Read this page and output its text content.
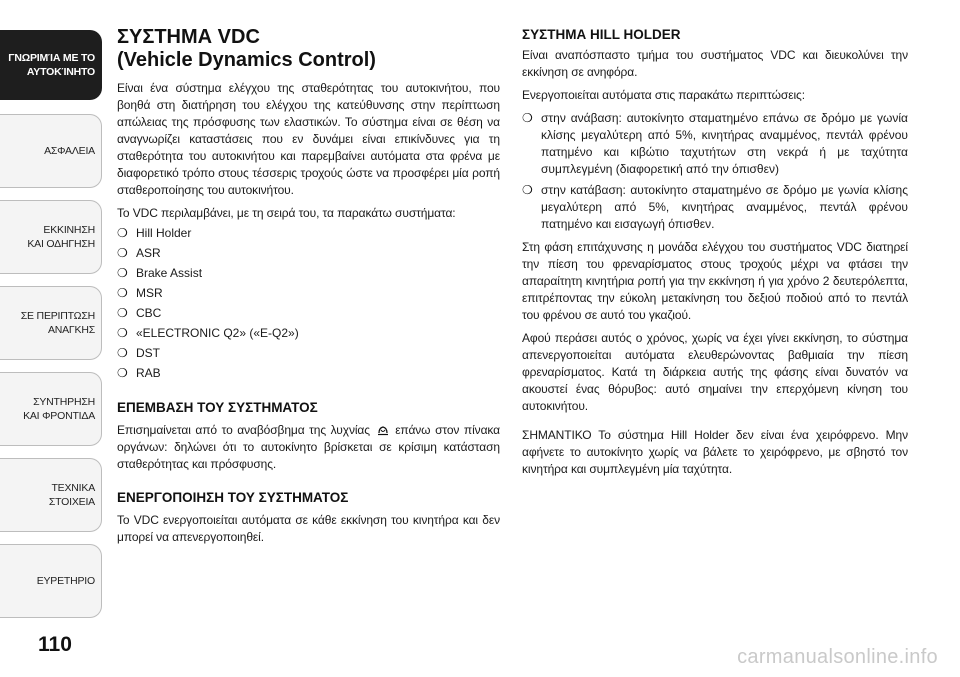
ΓΝΩΡΙΜΊΑ ΜΕ ΤΟ
ΑΥΤΟΚΊΝΗΤΟ
ΑΣΦΑΛΕΙΑ
ΕΚΚΙΝΗΣΗ
ΚΑΙ ΟΔΗΓΗΣΗ
ΣΕ ΠΕΡΙΠΤΩΣΗ
ΑΝΑΓΚΗΣ
ΣΥΝΤΗΡΗΣΗ
ΚΑΙ ΦΡΟΝΤΙΔΑ
ΤΕΧΝΙΚΑ
ΣΤΟΙΧΕΙΑ
ΕΥΡΕΤΗΡΙΟ
110
ΣΥΣΤΗΜΑ VDC
(Vehicle Dynamics Control)

Είναι ένα σύστημα ελέγχου της σταθερότητας του αυτοκινήτου, που βοηθά στη διατήρηση του ελέγχου της κατεύθυνσης στην περίπτωση απώλειας της πρόσφυσης των ελαστικών. Το σύστημα είναι σε θέση να αναγνωρίζει καταστάσεις που εν δυνάμει είναι επικίνδυνες για τη σταθερότητα του αυτοκινήτου και παρεμβαίνει αυτόματα στα φρένα με διαφορετικό τρόπο στους τέσσερις τροχούς ώστε να προσφέρει μία ροπή σταθεροποίησης του αυτοκινήτου.

Το VDC περιλαμβάνει, με τη σειρά του, τα παρακάτω συστήματα:

❍ Hill Holder
❍ ASR
❍ Brake Assist
❍ MSR
❍ CBC
❍ «ELECTRONIC Q2» («E-Q2»)
❍ DST
❍ RAB
ΕΠΕΜΒΑΣΗ ΤΟΥ ΣΥΣΤΗΜΑΤΟΣ

Επισημαίνεται από το αναβόσβημα της λυχνίας επάνω στον πίνακα οργάνων: δηλώνει ότι το αυτοκίνητο βρίσκεται σε κρίσιμη κατάσταση σταθερότητας και πρόσφυσης.

ΕΝΕΡΓΟΠΟΙΗΣΗ ΤΟΥ ΣΥΣΤΗΜΑΤΟΣ

Το VDC ενεργοποιείται αυτόματα σε κάθε εκκίνηση του κινητήρα και δεν μπορεί να απενεργοποιηθεί.

ΣΥΣΤΗΜΑ HILL HOLDER

Είναι αναπόσπαστο τμήμα του συστήματος VDC και διευκολύνει την εκκίνηση σε ανηφόρα.

Ενεργοποιείται αυτόματα στις παρακάτω περιπτώσεις:

❍ στην ανάβαση: αυτοκίνητο σταματημένο επάνω σε δρόμο με γωνία κλίσης μεγαλύτερη από 5%, κινητήρας αναμμένος, πεντάλ φρένου πατημένο και κιβώτιο ταχυτήτων στη νεκρά ή με ταχύτητα συμπλεγμένη (διαφορετική από την όπισθεν)
❍ στην κατάβαση: αυτοκίνητο σταματημένο σε δρόμο με γωνία κλίσης μεγαλύτερη από 5%, κινητήρας αναμμένος, πεντάλ φρένου πατημένο και εισαγωγή όπισθεν.

Στη φάση επιτάχυνσης η μονάδα ελέγχου του συστήματος VDC διατηρεί την πίεση του φρεναρίσματος στους τροχούς μέχρι να φτάσει την απαραίτητη κινητήρια ροπή για την εκκίνηση ή για χρόνο 2 δευτερόλεπτα, επιτρέποντας την εύκολη μετακίνηση του δεξιού ποδιού από το πεντάλ του φρένου σε αυτό του γκαζιού.

Αφού περάσει αυτός ο χρόνος, χωρίς να έχει γίνει εκκίνηση, το σύστημα απενεργοποιείται αυτόματα ελευθερώνοντας βαθμιαία την πίεση φρεναρίσματος. Κατά τη διάρκεια αυτής της φάσης είναι δυνατόν να ακουστεί ένας θόρυβος: αυτό σημαίνει την επερχόμενη κίνηση του αυτοκινήτου.

ΣΗΜΑΝΤΙΚΟ Το σύστημα Hill Holder δεν είναι ένα χειρόφρενο. Μην αφήνετε το αυτοκίνητο χωρίς να βάλετε το χειρόφρενο, με σβηστό τον κινητήρα και συμπλεγμένη μία ταχύτητα.

carmanualsonline.info
